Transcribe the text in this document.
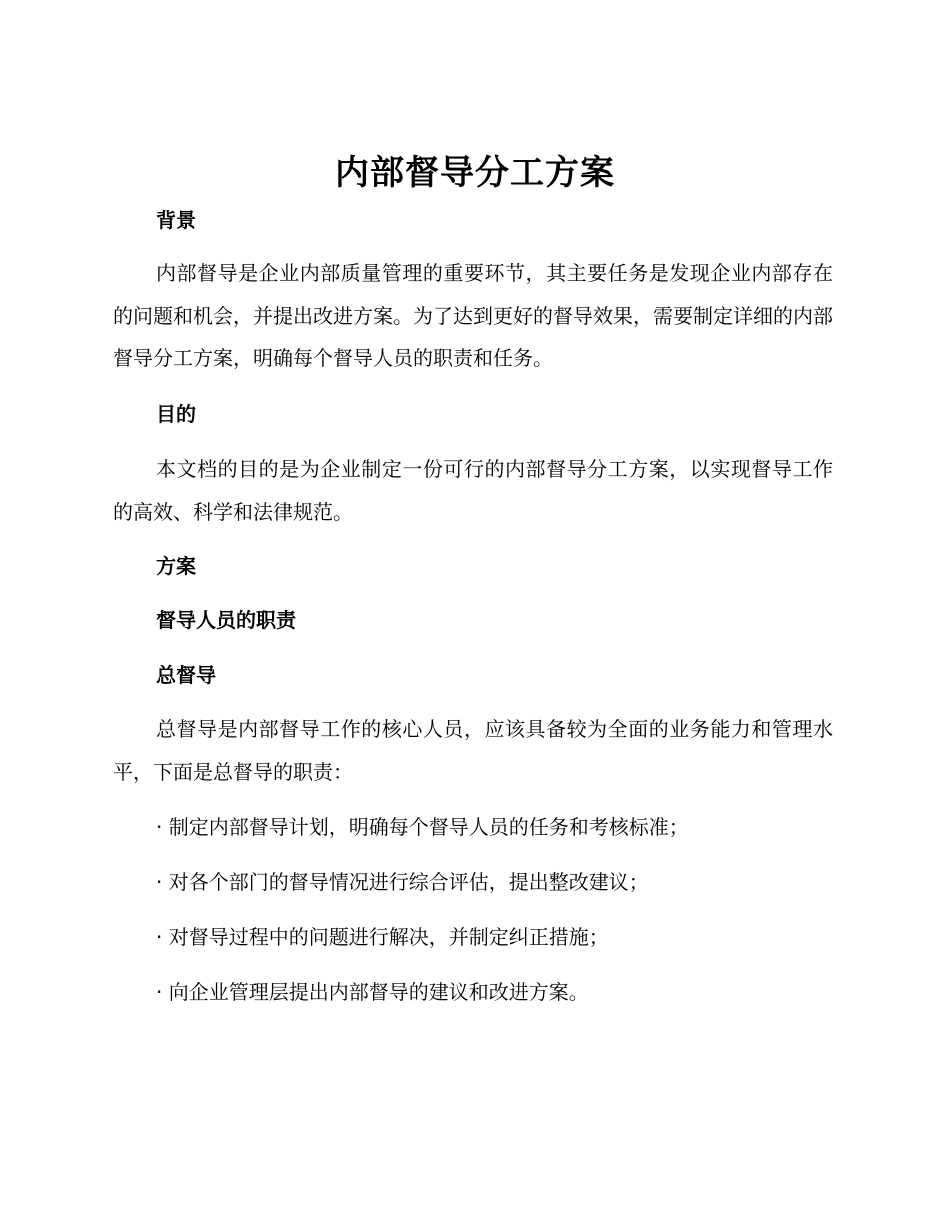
内部督导分工方案
背景

内部督导是企业内部质量管理的重要环节，其主要任务是发现企业内部存在的问题和机会，并提出改进方案。为了达到更好的督导效果，需要制定详细的内部督导分工方案，明确每个督导人员的职责和任务。

目的

本文档的目的是为企业制定一份可行的内部督导分工方案，以实现督导工作的高效、科学和法律规范。

方案
督导人员的职责
总督导

总督导是内部督导工作的核心人员，应该具备较为全面的业务能力和管理水平，下面是总督导的职责：

· 制定内部督导计划，明确每个督导人员的任务和考核标准；
· 对各个部门的督导情况进行综合评估，提出整改建议；
· 对督导过程中的问题进行解决，并制定纠正措施；
· 向企业管理层提出内部督导的建议和改进方案。
